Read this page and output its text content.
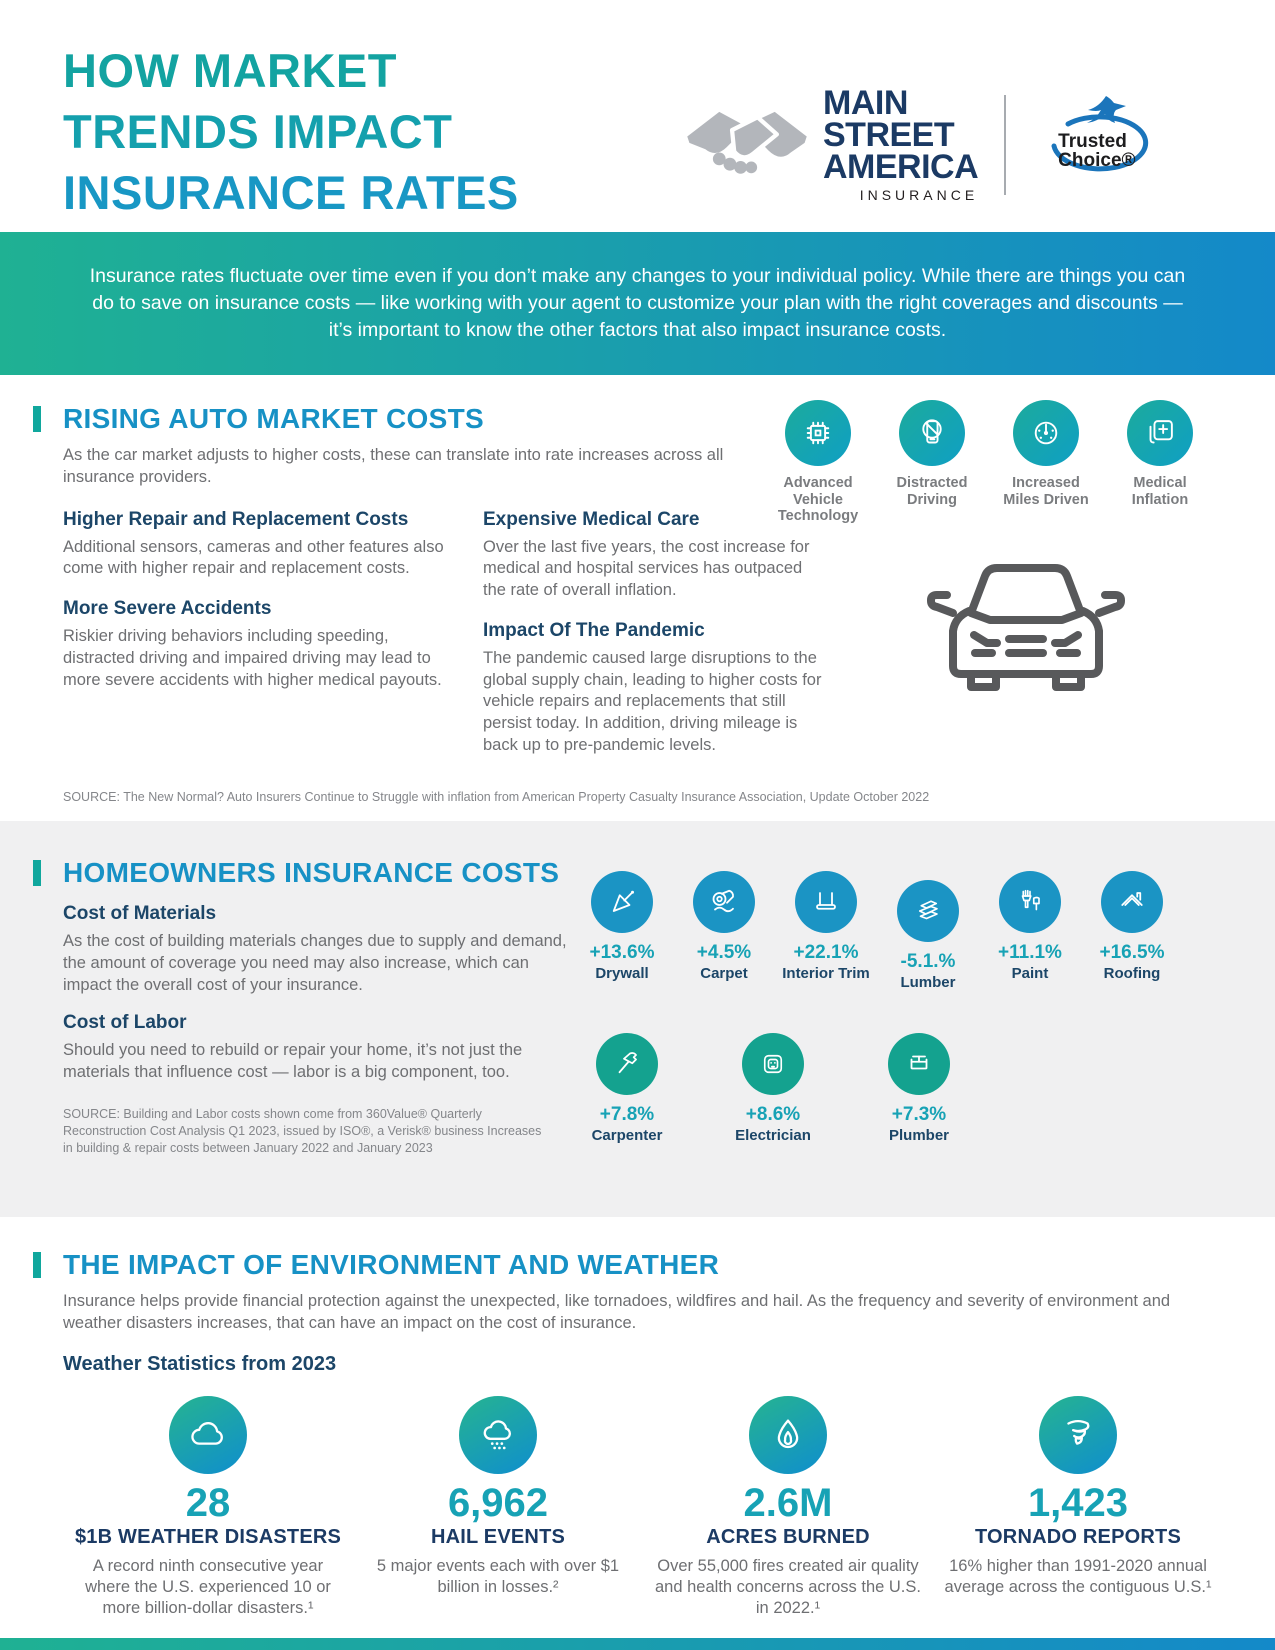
HOW MARKET
TRENDS IMPACT
INSURANCE RATES
MAIN
STREET
AMERICA
INSURANCE
Trusted
Choice®

Insurance rates fluctuate over time even if you don’t make any changes to your individual policy. While there are things you can do to save on insurance costs — like working with your agent to customize your plan with the right coverages and discounts — it’s important to know the other factors that also impact insurance costs.

RISING AUTO MARKET COSTS

As the car market adjusts to higher costs, these can translate into rate increases across all insurance providers.	Advanced Vehicle Technology
Distracted Driving
Increased Miles Driven
Medical Inflation
Higher Repair and Replacement Costs

Additional sensors, cameras and other features also come with higher repair and replacement costs.

More Severe Accidents

Riskier driving behaviors including speeding, distracted driving and impaired driving may lead to more severe accidents with higher medical payouts.

Expensive Medical Care

Over the last five years, the cost increase for medical and hospital services has outpaced the rate of overall inflation.

Impact Of The Pandemic

The pandemic caused large disruptions to the global supply chain, leading to higher costs for vehicle repairs and replacements that still persist today. In addition, driving mileage is back up to pre-pandemic levels.

SOURCE: The New Normal? Auto Insurers Continue to Struggle with inflation from American Property Casualty Insurance Association, Update October 2022

HOMEOWNERS INSURANCE COSTS
Cost of Materials

As the cost of building materials changes due to supply and demand, the amount of coverage you need may also increase, which can impact the overall cost of your insurance.

Cost of Labor

Should you need to rebuild or repair your home, it’s not just the materials that influence cost — labor is a big component, too.

SOURCE: Building and Labor costs shown come from 360Value® Quarterly Reconstruction Cost Analysis Q1 2023, issued by ISO®, a Verisk® business Increases in building & repair costs between January 2022 and January 2023

+13.6%
Drywall
+4.5%
Carpet
+22.1%
Interior Trim
-5.1.%
Lumber
+11.1%
Paint
+16.5%
Roofing
+7.8%
Carpenter
+8.6%
Electrician
+7.3%
Plumber
THE IMPACT OF ENVIRONMENT AND WEATHER

Insurance helps provide financial protection against the unexpected, like tornadoes, wildfires and hail. As the frequency and severity of environment and weather disasters increases, that can have an impact on the cost of insurance.

Weather Statistics from 2023
28
$1B WEATHER DISASTERS

A record ninth consecutive year where the U.S. experienced 10 or more billion-dollar disasters.¹

6,962
HAIL EVENTS

5 major events each with over $1 billion in losses.²

2.6M
ACRES BURNED

Over 55,000 fires created air quality and health concerns across the U.S. in 2022.¹

1,423
TORNADO REPORTS

16% higher than 1991-2020 annual average across the contiguous U.S.¹
